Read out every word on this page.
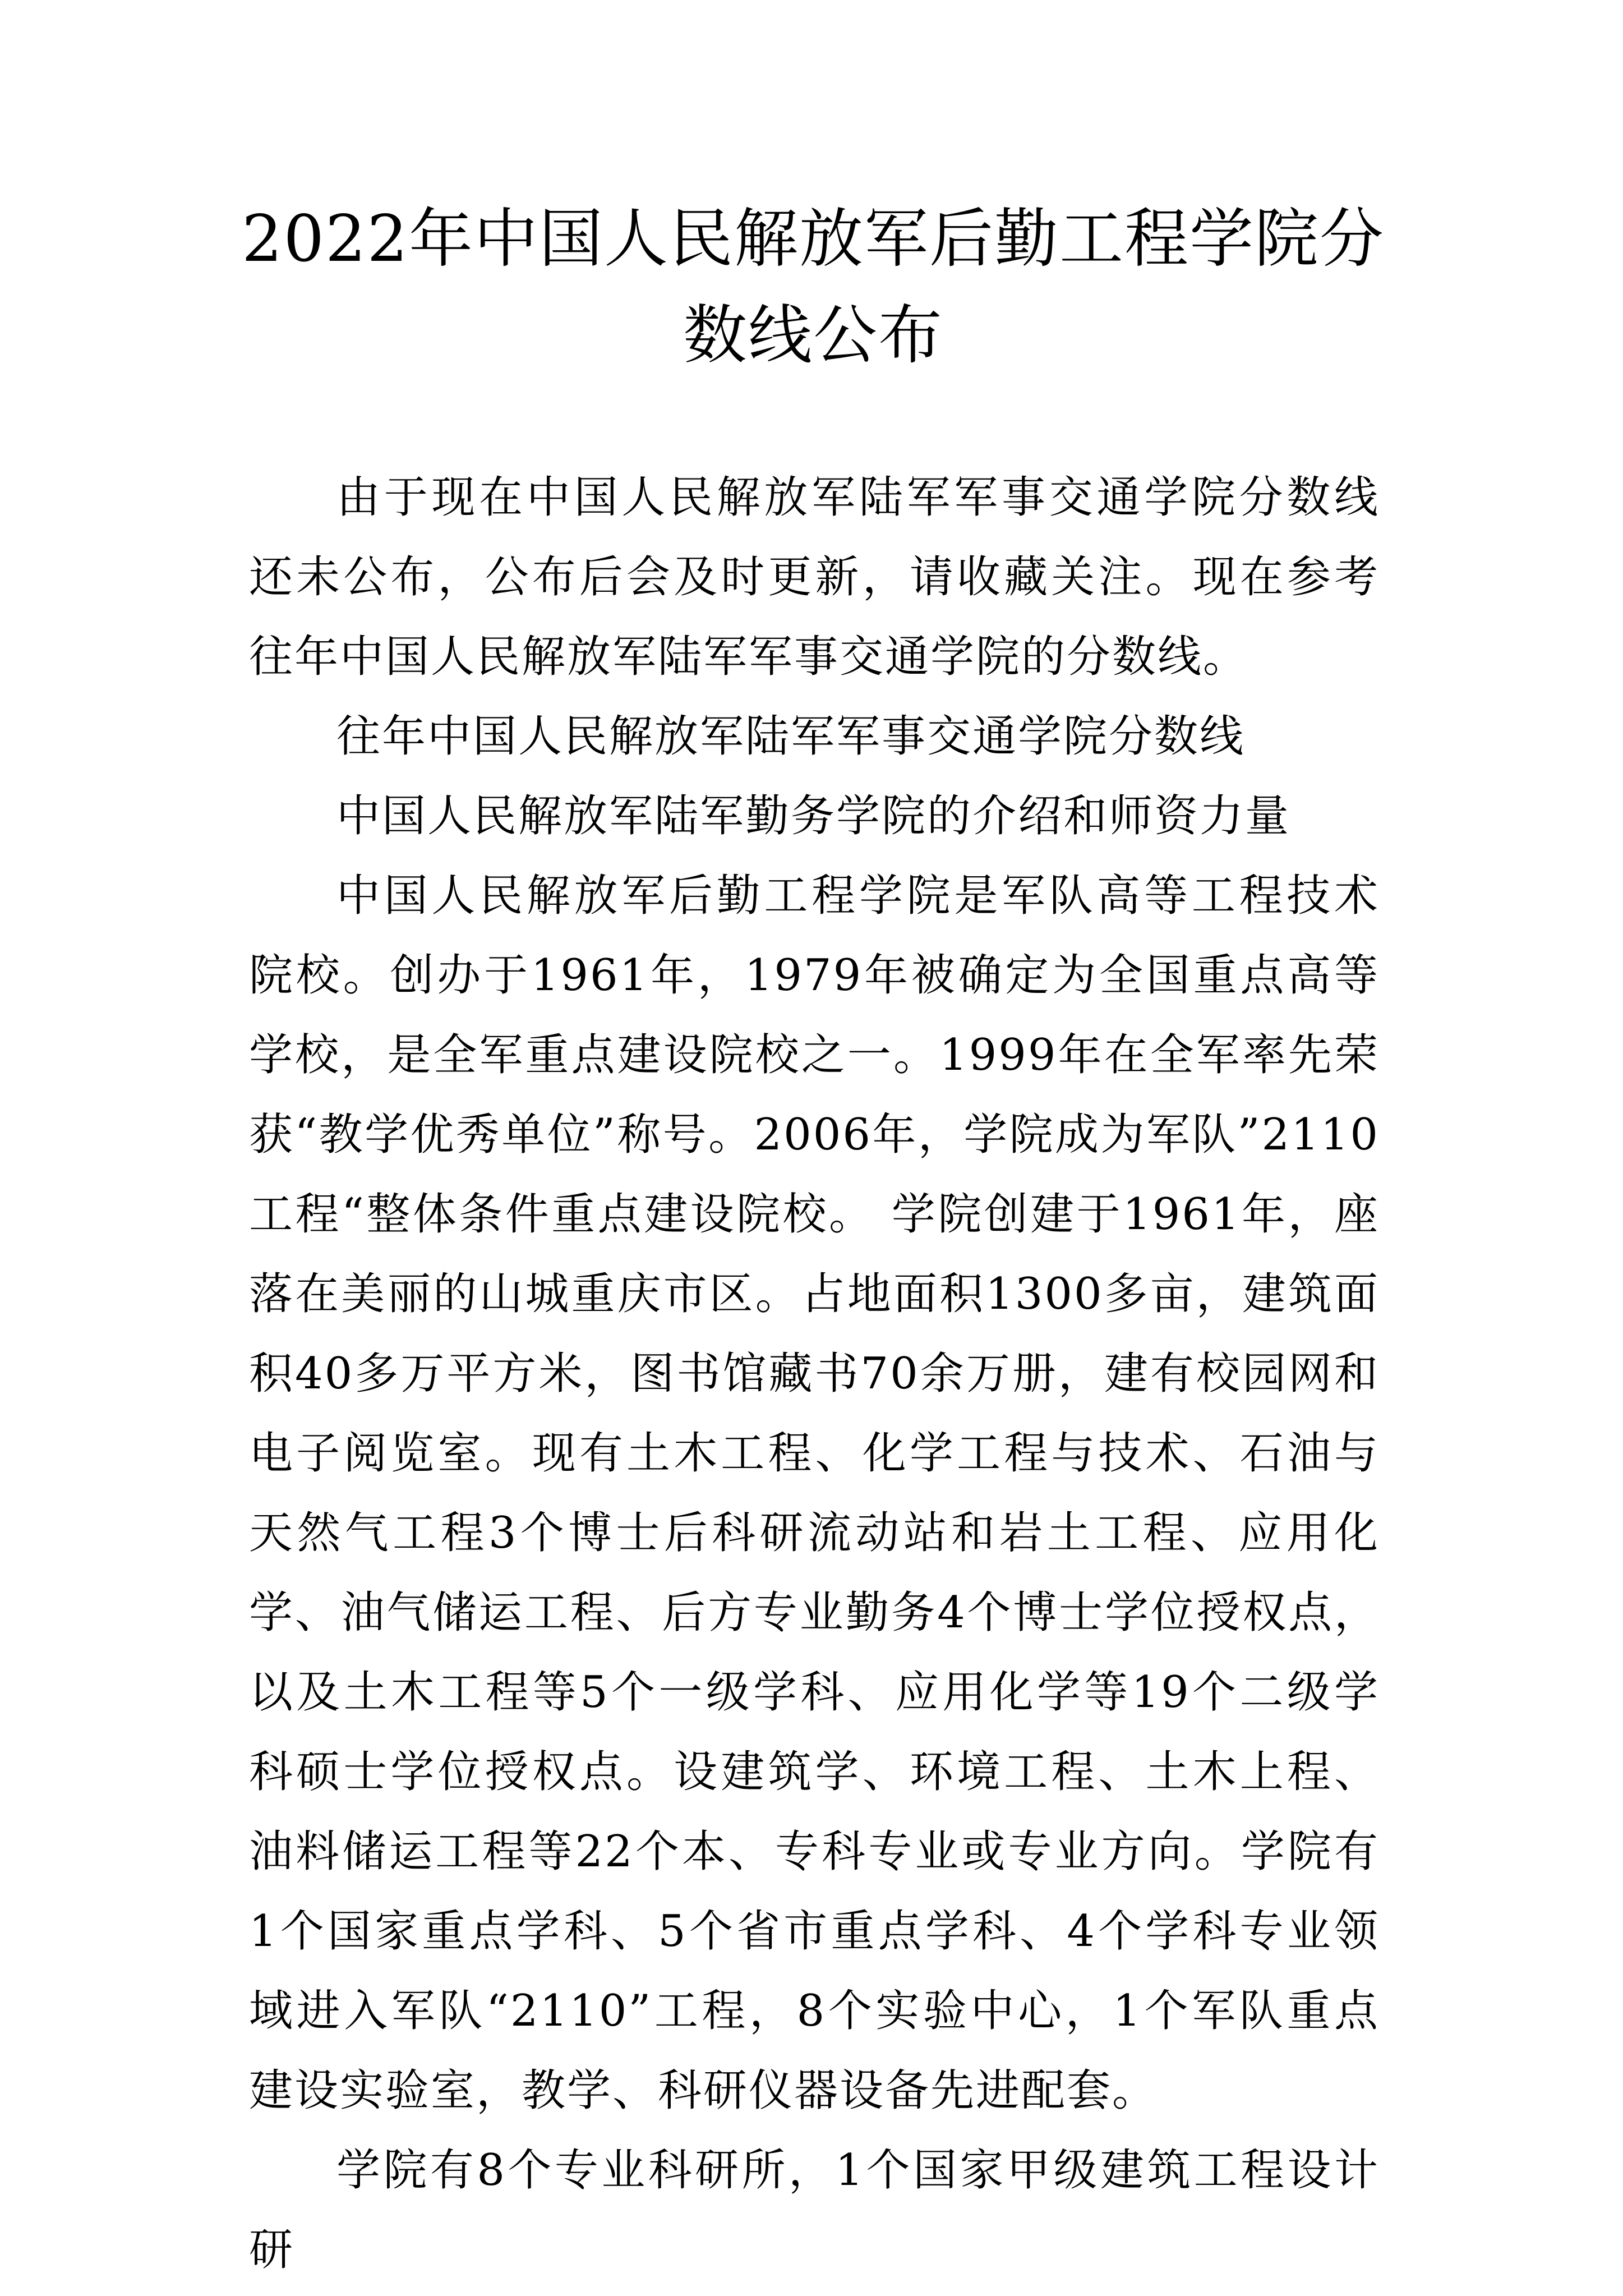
2022年中国人民解放军后勤工程学院分数线公布

由于现在中国人民解放军陆军军事交通学院分数线还未公布，公布后会及时更新，请收藏关注。现在参考往年中国人民解放军陆军军事交通学院的分数线。

往年中国人民解放军陆军军事交通学院分数线

中国人民解放军陆军勤务学院的介绍和师资力量

中国人民解放军后勤工程学院是军队高等工程技术院校。创办于1961年，1979年被确定为全国重点高等学校，是全军重点建设院校之一。1999年在全军率先荣获“教学优秀单位”称号。2006年，学院成为军队”2110工程“整体条件重点建设院校。 学院创建于1961年，座落在美丽的山城重庆市区。占地面积1300多亩，建筑面积40多万平方米，图书馆藏书70余万册，建有校园网和电子阅览室。现有土木工程、化学工程与技术、石油与天然气工程3个博士后科研流动站和岩土工程、应用化学、油气储运工程、后方专业勤务4个博士学位授权点，以及土木工程等5个一级学科、应用化学等19个二级学科硕士学位授权点。设建筑学、环境工程、土木上程、油料储运工程等22个本、专科专业或专业方向。学院有1个国家重点学科、5个省市重点学科、4个学科专业领域进入军队“2110”工程，8个实验中心，1个军队重点建设实验室，教学、科研仪器设备先进配套。

学院有8个专业科研所，1个国家甲级建筑工程设计研
